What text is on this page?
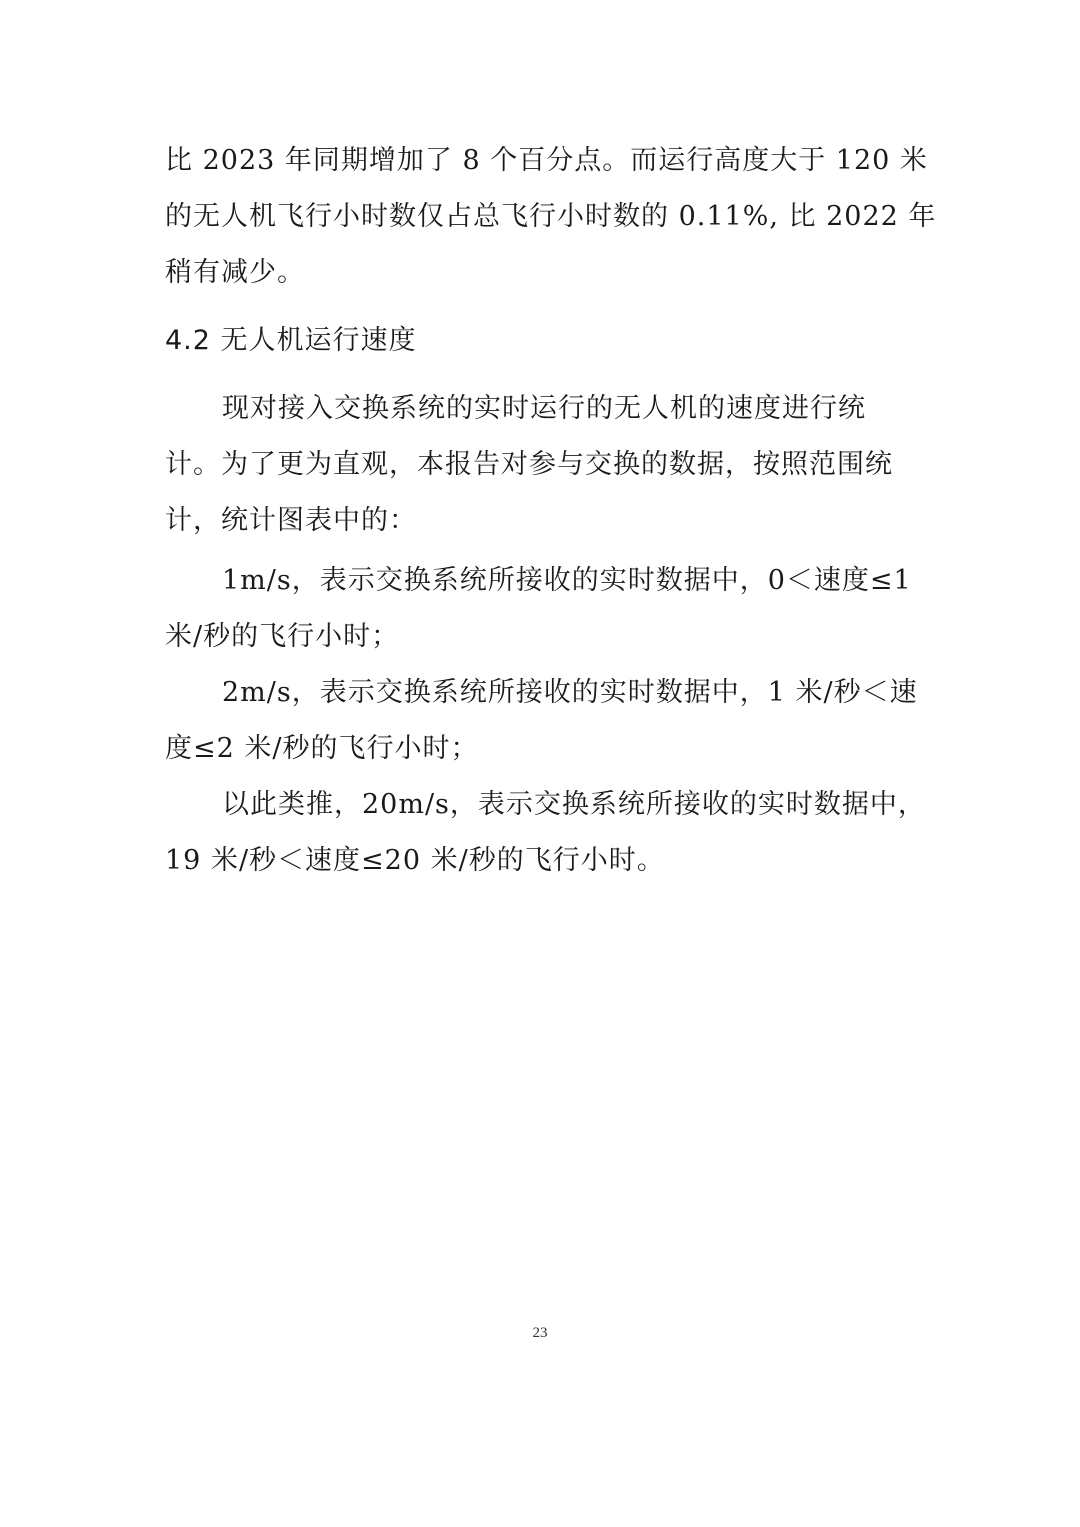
比 2023 年同期增加了 8 个百分点。而运行高度大于 120 米
的无人机飞行小时数仅占总飞行小时数的 0.11%, 比 2022 年
稍有减少。
4.2 无人机运行速度
现对接入交换系统的实时运行的无人机的速度进行统
计。为了更为直观，本报告对参与交换的数据，按照范围统
计，统计图表中的：
1m/s，表示交换系统所接收的实时数据中，0＜速度≤1
米/秒的飞行小时；
2m/s，表示交换系统所接收的实时数据中，1 米/秒＜速
度≤2 米/秒的飞行小时；
以此类推，20m/s，表示交换系统所接收的实时数据中，
19 米/秒＜速度≤20 米/秒的飞行小时。
23
